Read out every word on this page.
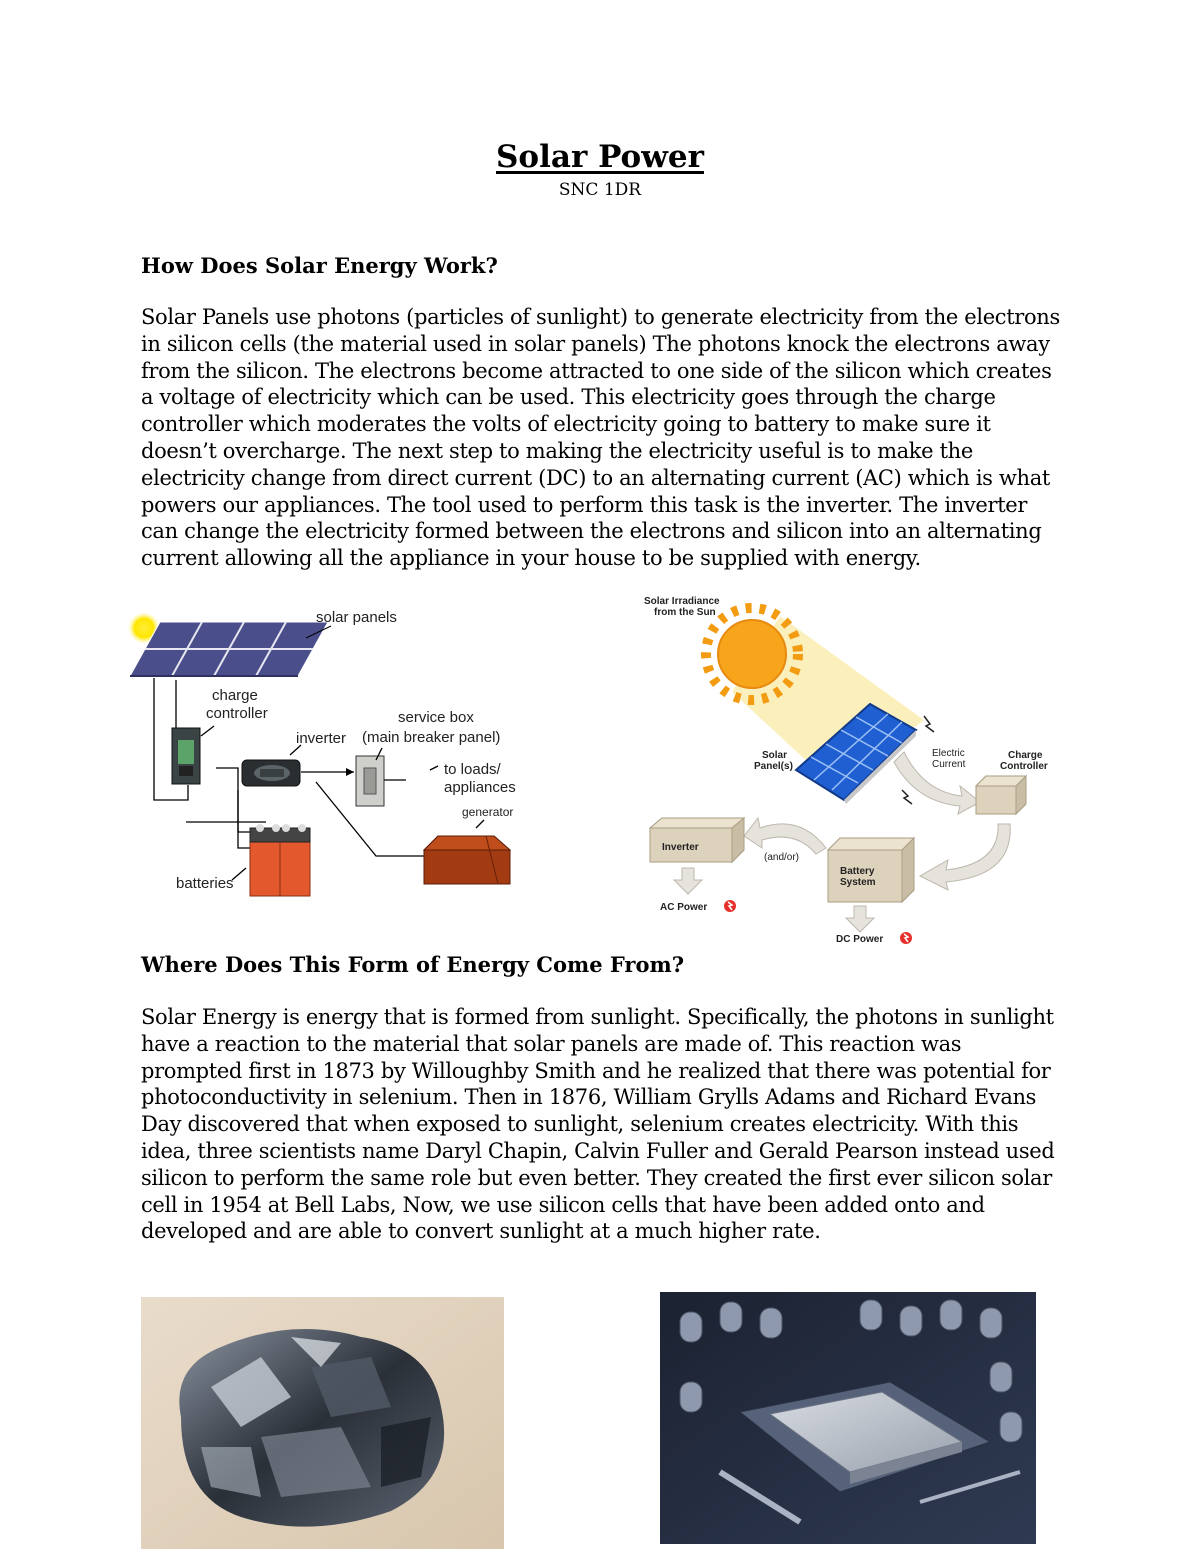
Solar Power
SNC 1DR
How Does Solar Energy Work?
Solar Panels use photons (particles of sunlight) to generate electricity from the electrons
in silicon cells (the material used in solar panels) The photons knock the electrons away
from the silicon. The electrons become attracted to one side of the silicon which creates
a voltage of electricity which can be used. This electricity goes through the charge
controller which moderates the volts of electricity going to battery to make sure it
doesn’t overcharge. The next step to making the electricity useful is to make the
electricity change from direct current (DC) to an alternating current (AC) which is what
powers our appliances. The tool used to perform this task is the inverter. The inverter
can change the electricity formed between the electrons and silicon into an alternating
current allowing all the appliance in your house to be supplied with energy.
solar panels
charge
controller
inverter
service box
(main breaker panel)
to loads/
appliances
generator
batteries
Solar Irradiance
from the Sun
Solar
Panel(s)
Electric
Current
Charge
Controller
Battery
System
(and/or)
Inverter
AC Power
DC Power
Where Does This Form of Energy Come From?
Solar Energy is energy that is formed from sunlight. Specifically, the photons in sunlight
have a reaction to the material that solar panels are made of. This reaction was
prompted first in 1873 by Willoughby Smith and he realized that there was potential for
photoconductivity in selenium. Then in 1876, William Grylls Adams and Richard Evans
Day discovered that when exposed to sunlight, selenium creates electricity. With this
idea, three scientists name Daryl Chapin, Calvin Fuller and Gerald Pearson instead used
silicon to perform the same role but even better. They created the first ever silicon solar
cell in 1954 at Bell Labs, Now, we use silicon cells that have been added onto and
developed and are able to convert sunlight at a much higher rate.
